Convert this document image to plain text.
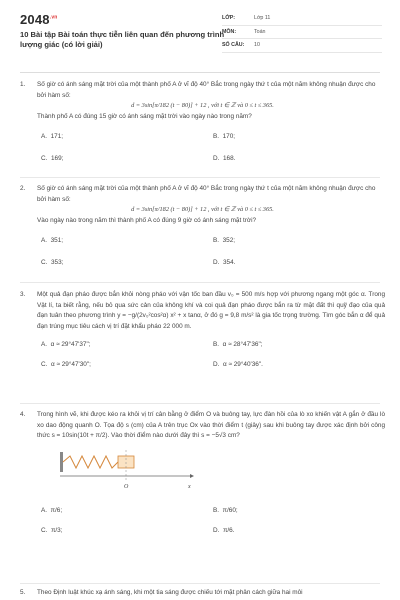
$2048^{.vn}$
10 Bài tập Bài toán thực tiễn liên quan đến phương trình lượng giác (có lời giải)
LỚP:	Lớp 11
MÔN:	Toán
SỐ CÂU:	10
1. Số giờ có ánh sáng mặt trời của một thành phố A ở vĩ độ 40° Bắc trong ngày thứ t của một năm không nhuận được cho bởi hàm số:
d = 3sin[π/182 (t − 80)] + 12 , với t ∈ ℤ và 0 ≤ t ≤ 365.
Thành phố A có đúng 15 giờ có ánh sáng mặt trời vào ngày nào trong năm?
A. 171;	B. 170;
C. 169;	D. 168.
2. Số giờ có ánh sáng mặt trời của một thành phố A ở vĩ độ 40° Bắc trong ngày thứ t của một năm không nhuận được cho bởi hàm số:
d = 3sin[π/182 (t − 80)] + 12 , với t ∈ ℤ và 0 ≤ t ≤ 365.
Vào ngày nào trong năm thì thành phố A có đúng 9 giờ có ánh sáng mặt trời?
A. 351;	B. 352;
C. 353;	D. 354.
3. Một quả đạn pháo được bắn khỏi nòng pháo với vận tốc ban đầu v₀ = 500 m/s hợp với phương ngang một góc α. Trong Vật lí, ta biết rằng, nếu bỏ qua sức cản của không khí và coi quả đạn pháo được bắn ra từ mặt đất thì quỹ đạo của quả đạn tuân theo phương trình y = −g/(2v₀²cos²α) x² + x tanα, ở đó g = 9,8 m/s² là gia tốc trọng trường. Tìm góc bắn α để quả đạn trúng mục tiêu cách vị trí đặt khẩu pháo 22 000 m.
A. α ≈ 29°47'37";	B. α ≈ 28°47'36";
C. α ≈ 29°47'30";	D. α ≈ 29°40'36".
4. Trong hình vẽ, khi được kéo ra khỏi vị trí cân bằng ở điểm O và buông tay, lực đàn hồi của lò xo khiến vật A gắn ở đầu lò xo dao động quanh O. Tọa độ s (cm) của A trên trục Ox vào thời điểm t (giây) sau khi buông tay được xác định bởi công thức s = 10sin(10t + π/2). Vào thời điểm nào dưới đây thì s = −5√3 cm?
O	x
A. π/6;	B. π/60;
C. π/3;	D. π/6.
5. Theo Định luật khúc xạ ánh sáng, khi một tia sáng được chiếu tới mặt phân cách giữa hai môi
